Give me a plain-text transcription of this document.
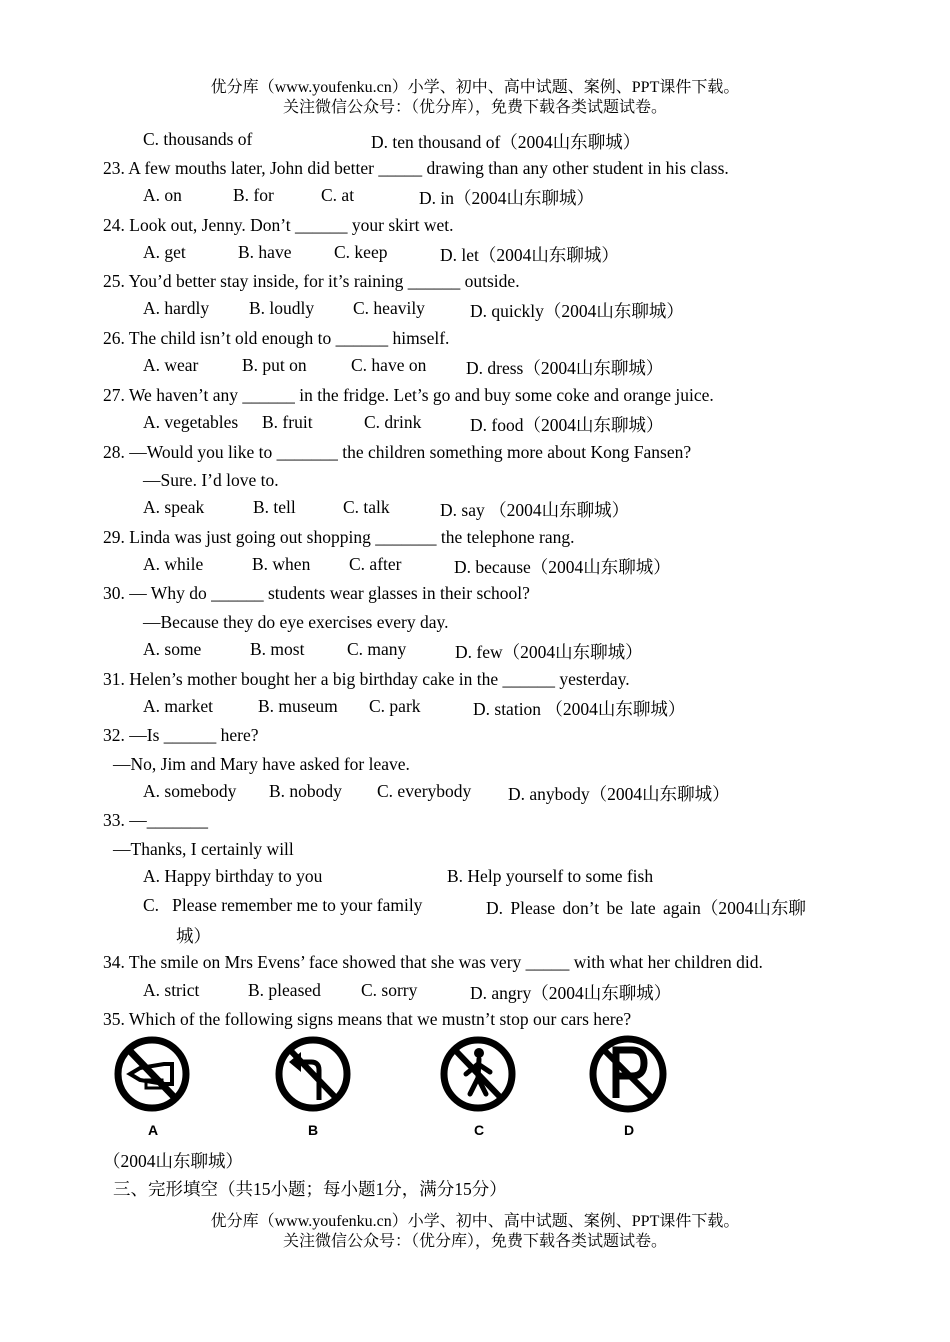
优分库（www.youfenku.cn）小学、初中、高中试题、案例、PPT课件下载。
关注微信公众号：（优分库），免费下载各类试题试卷。
C. thousands of	D. ten thousand of（2004山东聊城）
23. A few mouths later, John did better _____ drawing than any other student in his class.
A. on	B. for	C. at	D. in（2004山东聊城）
24. Look out, Jenny. Don’t ______ your skirt wet.
A. get	B. have C. keep	D. let（2004山东聊城）
25. You’d better stay inside, for it’s raining ______ outside.
A. hardly B. loudly C. heavily	D. quickly（2004山东聊城）
26. The child isn’t old enough to ______ himself.
A. wear B. put on	C. have on D. dress（2004山东聊城）
27. We haven’t any ______ in the fridge. Let’s go and buy some coke and orange juice.
A. vegetables B. fruit	C. drink	D. food（2004山东聊城）
28. —Would you like to _______ the children something more about Kong Fansen?
—Sure. I’d love to.
A. speak	B. tell	C. talk	D. say （2004山东聊城）
29. Linda was just going out shopping _______ the telephone rang.
A. while	B. when C. after	D. because（2004山东聊城）
30. — Why do ______ students wear glasses in their school?
—Because they do eye exercises every day.
A. some	B. most C. many	D. few（2004山东聊城）
31. Helen’s mother bought her a big birthday cake in the ______ yesterday.
A. market	B. museum C. park	D. station （2004山东聊城）
32. —Is ______ here?
—No, Jim and Mary have asked for leave.
A. somebody B. nobody C. everybody D. anybody（2004山东聊城）
33. —_______
—Thanks, I certainly will
A. Happy birthday to you	B. Help yourself to some fish
C.   Please remember me to your family	D. Please don’t be late again（2004山东聊
城）
34. The smile on Mrs Evens’ face showed that she was very _____ with what her children did.
A. strict	B. pleased C. sorry	D. angry（2004山东聊城）
35. Which of the following signs means that we mustn’t stop our cars here?
A	B	C	D
（2004山东聊城）
三、完形填空（共15小题；每小题1分，满分15分）
优分库（www.youfenku.cn）小学、初中、高中试题、案例、PPT课件下载。
关注微信公众号：（优分库），免费下载各类试题试卷。
